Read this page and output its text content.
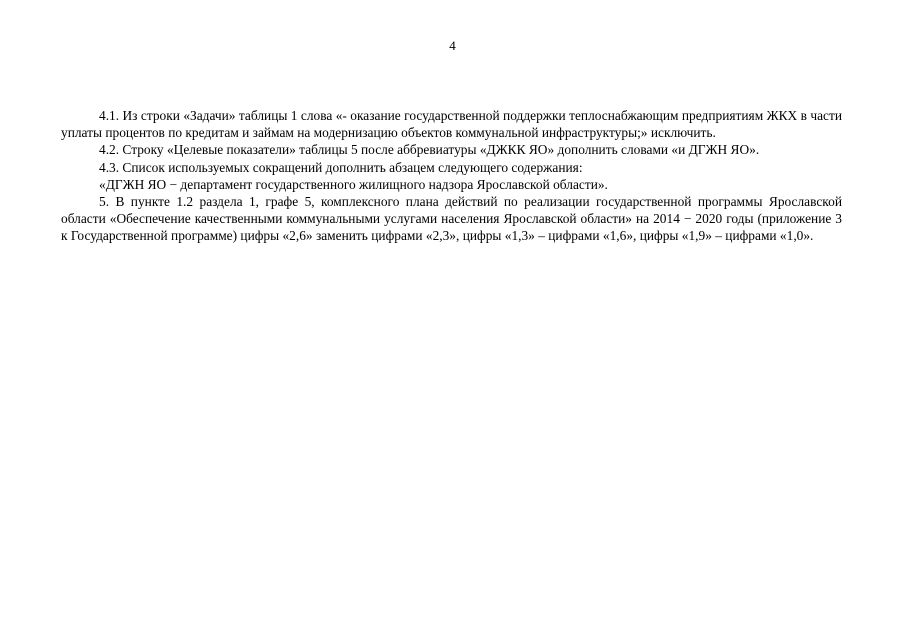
4

4.1. Из строки «Задачи» таблицы 1 слова «- оказание государственной поддержки теплоснабжающим предприятиям ЖКХ в части уплаты процентов по кредитам и займам на модернизацию объектов коммунальной инфраструктуры;» исключить.

4.2. Строку «Целевые показатели» таблицы 5 после аббревиатуры «ДЖКК ЯО» дополнить словами «и ДГЖН ЯО».

4.3. Список используемых сокращений дополнить абзацем следующего содержания:

«ДГЖН ЯО − департамент государственного жилищного надзора Ярославской области».

5. В пункте 1.2 раздела 1, графе 5, комплексного плана действий по реализации государственной программы Ярославской области «Обеспечение качественными коммунальными услугами населения Ярославской области» на 2014 − 2020 годы (приложение 3 к Государственной программе) цифры «2,6» заменить цифрами «2,3», цифры «1,3» – цифрами «1,6», цифры «1,9» – цифрами «1,0».
